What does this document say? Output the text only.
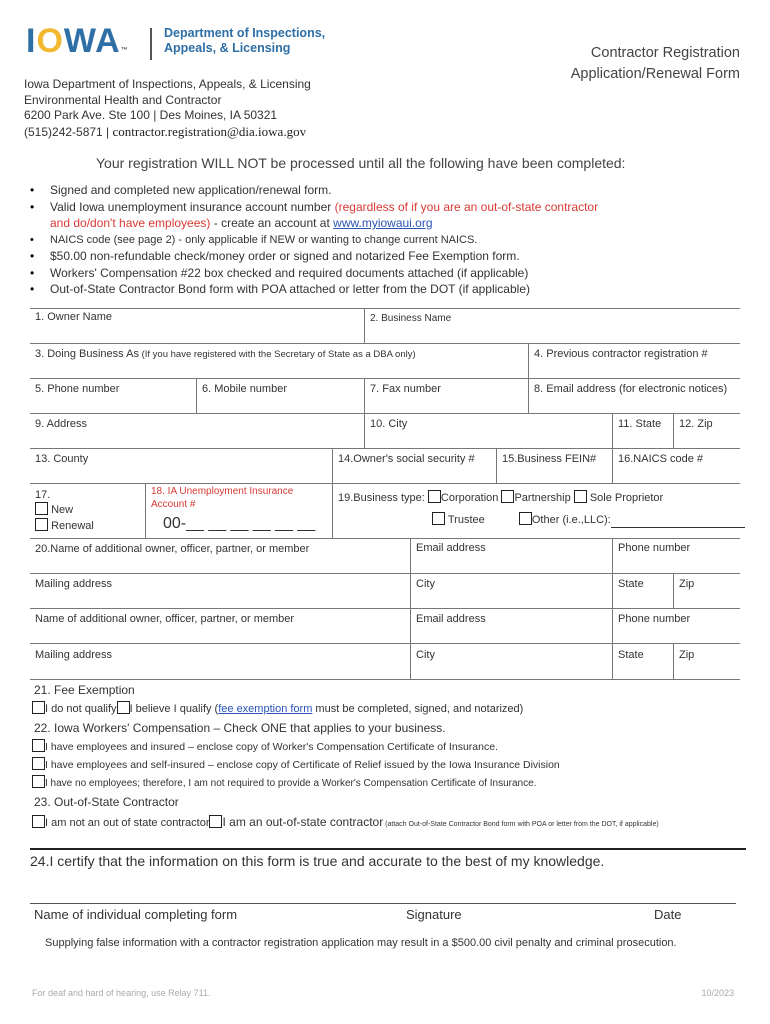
IOWA™
Department of Inspections,
Appeals, & Licensing	Contractor Registration
Application/Renewal Form
Iowa Department of Inspections, Appeals, & Licensing
Environmental Health and Contractor
6200 Park Ave. Ste 100 | Des Moines, IA 50321
(515)242-5871 | contractor.registration@dia.iowa.gov
Your registration WILL NOT be processed until all the following have been completed:
• Signed and completed new application/renewal form.
• Valid Iowa unemployment insurance account number (regardless of if you are an out-of-state contractor and do/don't have employees) - create an account at www.myiowaui.org
• NAICS code (see page 2) - only applicable if NEW or wanting to change current NAICS.
• $50.00 non-refundable check/money order or signed and notarized Fee Exemption form.
• Workers' Compensation #22 box checked and required documents attached (if applicable)
• Out-of-State Contractor Bond form with POA attached or letter from the DOT (if applicable)
1. Owner Name	2. Business Name
3. Doing Business As (If you have registered with the Secretary of State as a DBA only)	4. Previous contractor registration #
5. Phone number	6. Mobile number	7. Fax number	8. Email address (for electronic notices)
9. Address	10. City	11. State	12. Zip
13. County	14.Owner's social security #	15.Business FEIN#	16.NAICS code #
17.
New
Renewal
18. IA Unemployment Insurance Account #
00-__ __ __ __ __ __
19.Business type: Corporation Partnership Sole Proprietor
Trustee	Other (i.e.,LLC):
20.Name of additional owner, officer, partner, or member	Email address	Phone number
Mailing address	City	State	Zip
Name of additional owner, officer, partner, or member	Email address	Phone number
Mailing address	City	State	Zip
21. Fee Exemption
I do not qualify I believe I qualify (fee exemption form must be completed, signed, and notarized)
22. Iowa Workers' Compensation – Check ONE that applies to your business.
I have employees and insured – enclose copy of Worker's Compensation Certificate of Insurance.
I have employees and self-insured – enclose copy of Certificate of Relief issued by the Iowa Insurance Division
I have no employees; therefore, I am not required to provide a Worker's Compensation Certificate of Insurance.
23. Out-of-State Contractor
I am not an out of state contractor I am an out-of-state contractor (attach Out-of-State Contractor Bond form with POA or letter from the DOT, if applicable)
24.I certify that the information on this form is true and accurate to the best of my knowledge.
Name of individual completing form	Signature	Date
Supplying false information with a contractor registration application may result in a $500.00 civil penalty and criminal prosecution.
For deaf and hard of hearing, use Relay 711.	10/2023
